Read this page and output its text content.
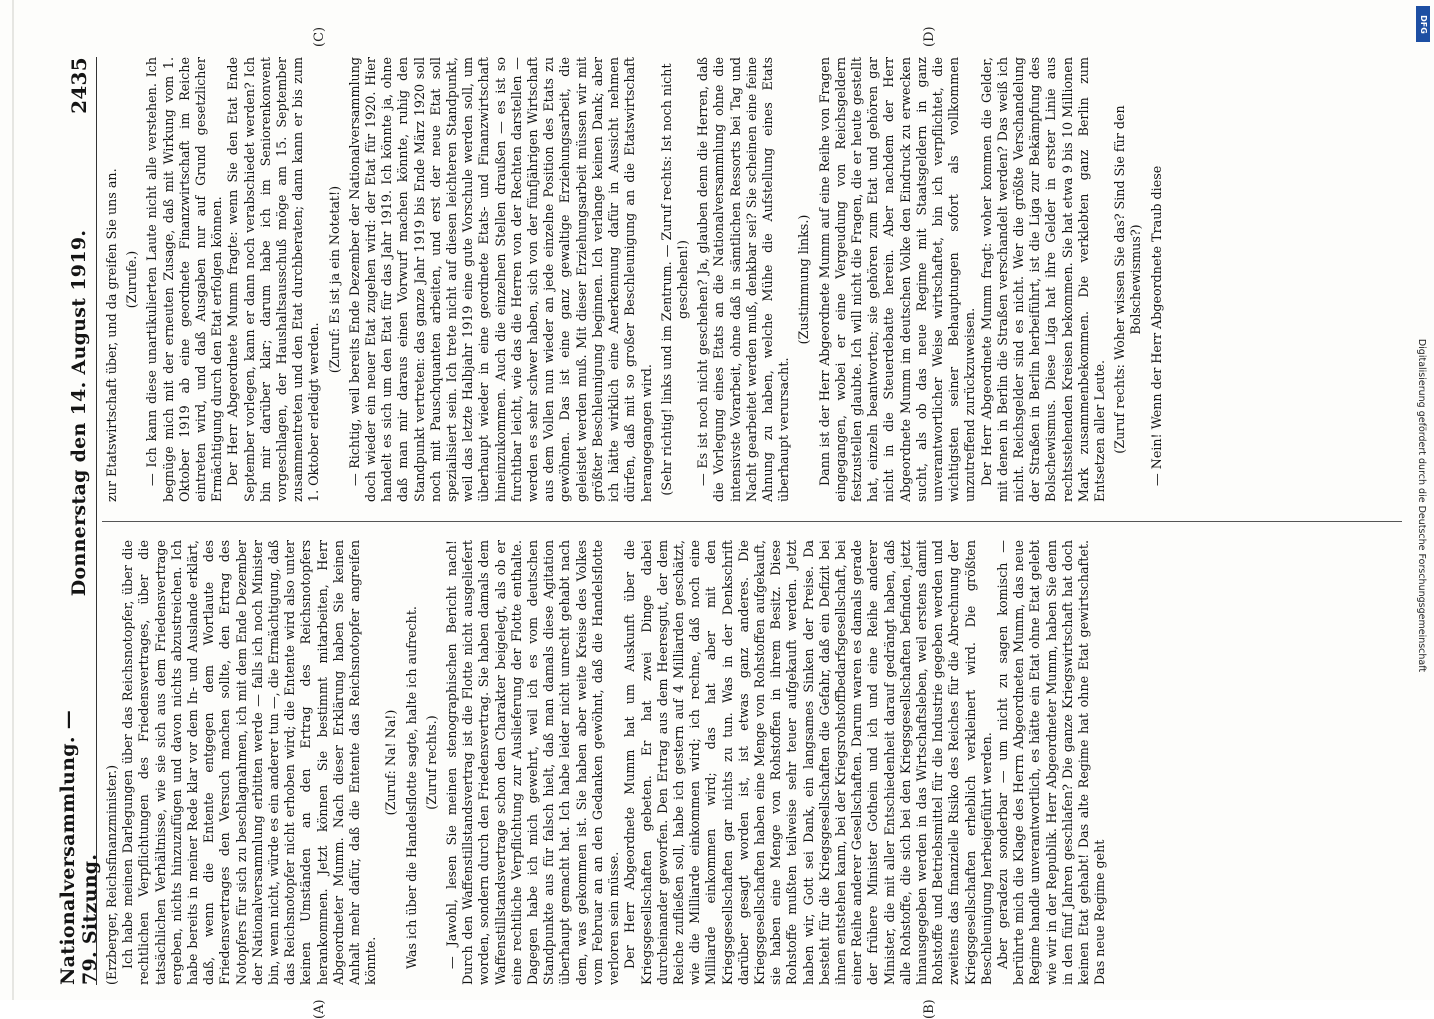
Nationalversammlung. — 79. Sitzung.
Donnerstag den 14. August 1919.
2435

(Erzberger, Reichsfinanzminister.) Ich habe meinen Darlegungen über das Reichsnotopfer, über die rechtlichen Verpflichtungen des Friedensvertrages, über die tatsächlichen Verhältnisse, wie sie sich aus dem Friedensvertrage ergeben, nichts hinzuzufügen und davon nichts abzustreichen. Ich habe bereits in meiner Rede klar vor dem In- und Auslande erklärt, daß, wenn die Entente entgegen dem Wortlaute des Friedensvertrages den Versuch machen sollte, den Ertrag des Notopfers für sich zu beschlagnahmen, ich mit dem Ende Dezember der Nationalversammlung erbitten werde — falls ich noch Minister bin, wenn nicht, würde es ein anderer tun —, die Ermächtigung, daß das Reichsnotopfer nicht erhoben wird; die Entente wird also unter keinen Umständen an den Ertrag des Reichsnotopfers herankommen. Jetzt können Sie bestimmt mitarbeiten, Herr Abgeordneter Mumm. Nach dieser Erklärung haben Sie keinen Anhalt mehr dafür, daß die Entente das Reichsnotopfer angreifen könnte.

(Zuruf: Na! Na!) Was ich über die Handelsflotte sagte, halte ich aufrecht. (Zuruf rechts.) — Jawohl, lesen Sie meinen stenographischen Bericht nach! Durch den Waffenstillstandsvertrag ist die Flotte nicht ausgeliefert worden, sondern durch den Friedensvertrag. Sie haben damals dem Waffenstillstandsvertrage schon den Charakter beigelegt, als ob er eine rechtliche Verpflichtung zur Auslieferung der Flotte enthalte. Dagegen habe ich mich gewehrt, weil ich es vom deutschen Standpunkte aus für falsch hielt, daß man damals diese Agitation überhaupt gemacht hat. Ich habe leider nicht unrecht gehabt nach dem, was gekommen ist. Sie haben aber weite Kreise des Volkes vom Februar an an den Gedanken gewöhnt, daß die Handelsflotte verloren sein müsse. Der Herr Abgeordnete Mumm hat um Auskunft über die Kriegsgesellschaften gebeten. Er hat zwei Dinge dabei durcheinander geworfen. Den Ertrag aus dem Heeresgut, der dem Reiche zufließen soll, habe ich gestern auf 4 Milliarden geschätzt, wie die Milliarde einkommen wird; ich rechne, daß noch eine Milliarde einkommen wird; das hat aber mit den Kriegsgesellschaften gar nichts zu tun. Was in der Denkschrift darüber gesagt worden ist, ist etwas ganz anderes. Die Kriegsgesellschaften haben eine Menge von Rohstoffen aufgekauft, sie haben eine Menge von Rohstoffen in ihrem Besitz. Diese Rohstoffe mußten teilweise sehr teuer aufgekauft werden. Jetzt haben wir, Gott sei Dank, ein langsames Sinken der Preise. Da besteht für die Kriegsgesellschaften die Gefahr, daß ein Defizit bei ihnen entstehen kann, bei der Kriegsrohstoffbedarfsgesellschaft, bei einer Reihe anderer Gesellschaften. Darum waren es damals gerade der frühere Minister Gothein und ich und eine Reihe anderer Minister, die mit aller Entschiedenheit darauf gedrängt haben, daß alle Rohstoffe, die sich bei den Kriegsgesellschaften befinden, jetzt hinausgegeben werden in das Wirtschaftsleben, weil erstens damit Rohstoffe und Betriebsmittel für die Industrie gegeben werden und zweitens das finanzielle Risiko des Reiches für die Abrechnung der Kriegsgesellschaften erheblich verkleinert wird. Die größten Beschleunigung herbeigeführt werden. Aber geradezu sonderbar — um nicht zu sagen komisch — berührte mich die Klage des Herrn Abgeordneten Mumm, das neue Regime handle unverantwortlich, es hätte ein Etat ohne Etat gelebt wie wir in der Republik. Herr Abgeordneter Mumm, haben Sie denn in den fünf Jahren geschlafen? Die ganze Kriegswirtschaft hat doch keinen Etat gehabt! Das alte Regime hat ohne Etat gewirtschaftet. Das neue Regime geht

zur Etatswirtschaft über, und da greifen Sie uns an. (Zurufe.) — Ich kann diese unartikulierten Laute nicht alle verstehen. Ich begnüge mich mit der erneuten Zusage, daß mit Wirkung vom 1. Oktober 1919 ab eine geordnete Finanzwirtschaft im Reiche eintreten wird, und daß Ausgaben nur auf Grund gesetzlicher Ermächtigung durch den Etat erfolgen können. Der Herr Abgeordnete Mumm fragte: wenn Sie den Etat Ende September vorlegen, kann er dann noch verabschiedet werden? Ich bin mir darüber klar; darum habe ich im Seniorenkonvent vorgeschlagen, der Haushaltsausschuß möge am 15. September zusammentreten und den Etat durchberaten; dann kann er bis zum 1. Oktober erledigt werden.

(Zuruf: Es ist ja ein Notetat!) — Richtig, weil bereits Ende Dezember der Nationalversammlung doch wieder ein neuer Etat zugehen wird: der Etat für 1920. Hier handelt es sich um den Etat für das Jahr 1919. Ich könnte ja, ohne daß man mir daraus einen Vorwurf machen könnte, ruhig den Standpunkt vertreten: das ganze Jahr 1919 bis Ende März 1920 soll noch mit Pauschquanten arbeiten, und erst der neue Etat soll spezialisiert sein. Ich trete nicht auf diesen leichteren Standpunkt, weil das letzte Halbjahr 1919 eine gute Vorschule werden soll, um überhaupt wieder in eine geordnete Etats- und Finanzwirtschaft hineinzukommen. Auch die einzelnen Stellen draußen — es ist so furchtbar leicht, wie das die Herren von der Rechten darstellen — werden es sehr schwer haben, sich von der fünfjährigen Wirtschaft aus dem Vollen nun wieder an jede einzelne Position des Etats zu gewöhnen. Das ist eine ganz gewaltige Erziehungsarbeit, die geleistet werden muß. Mit dieser Erziehungsarbeit müssen wir mit größter Beschleunigung beginnen. Ich verlange keinen Dank; aber ich hätte wirklich eine Anerkennung dafür in Aussicht nehmen dürfen, daß mit so großer Beschleunigung an die Etatswirtschaft herangegangen wird. (Sehr richtig! links und im Zentrum. — Zuruf rechts: Ist noch nicht geschehen!) — Es ist noch nicht geschehen? Ja, glauben denn die Herren, daß die Vorlegung eines Etats an die Nationalversammlung ohne die intensivste Vorarbeit, ohne daß in sämtlichen Ressorts bei Tag und Nacht gearbeitet werden muß, denkbar sei? Sie scheinen eine feine Ahnung zu haben, welche Mühe die Aufstellung eines Etats überhaupt verursacht.

(Zustimmung links.) Dann ist der Herr Abgeordnete Mumm auf eine Reihe von Fragen eingegangen, wobei er eine Vergeudung von Reichsgeldern festzustellen glaubte. Ich will nicht die Fragen, die er heute gestellt hat, einzeln beantworten; sie gehören zum Etat und gehören gar nicht in die Steuerdebatte herein. Aber nachdem der Herr Abgeordnete Mumm im deutschen Volke den Eindruck zu erwecken sucht, als ob das neue Regime mit Staatsgeldern in ganz unverantwortlicher Weise wirtschaftet, bin ich verpflichtet, die wichtigsten seiner Behauptungen sofort als vollkommen unzutreffend zurückzuweisen. Der Herr Abgeordnete Mumm fragt: woher kommen die Gelder, mit denen in Berlin die Straßen verschandelt werden? Das weiß ich nicht. Reichsgelder sind es nicht. Wer die größte Verschandelung der Straßen in Berlin herbeiführt, ist die Liga zur Bekämpfung des Bolschewismus. Diese Liga hat ihre Gelder in erster Linie aus rechtsstehenden Kreisen bekommen. Sie hat etwa 9 bis 10 Millionen Mark zusammenbekommen. Die verklebten ganz Berlin zum Entsetzen aller Leute. (Zuruf rechts: Woher wissen Sie das? Sind Sie für den Bolschewismus?) — Nein! Wenn der Herr Abgeordnete Traub diese

(A)	(B)
(C)	(D)
DFG
Digitalisierung gefördert durch die Deutsche Forschungsgemeinschaft
